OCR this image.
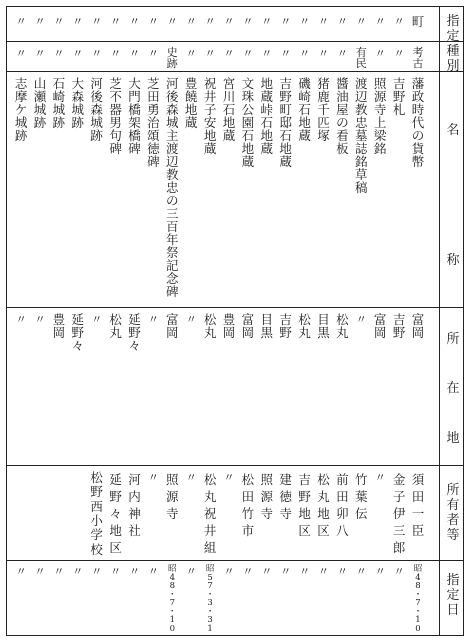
指
定
種
別
名
称
所
在
地
所
有
者
等
指
定
日
町
考
古
藩
政
時
代
の
貨
幣
富
岡
須
田
一
臣
昭
4
8
・
7
・
1
0
〃
〃
吉
野
札
吉
野
金
子
伊
三
郎
〃
〃
〃
照
源
寺
上
梁
銘
富
岡
〃
〃
〃
有
民
渡
辺
教
忠
墓
誌
銘
草
稿
〃
竹
葉
伝
〃
〃
〃
醬
油
屋
の
看
板
松
丸
前
田
卯
八
〃
〃
〃
猪
鹿
千
匹
塚
目
黒
松
丸
地
区
〃
〃
〃
磯
崎
石
地
蔵
松
丸
吉
野
地
区
〃
〃
〃
吉
野
町
邸
石
地
蔵
吉
野
建
徳
寺
〃
〃
〃
地
蔵
峠
石
地
蔵
目
黒
照
源
寺
〃
〃
〃
文
珠
公
園
石
地
蔵
富
岡
松
田
竹
市
〃
〃
〃
宮
川
石
地
蔵
豊
岡
〃
〃
〃
〃
祝
井
子
安
地
蔵
松
丸
松
丸
祝
井
組
昭
5
7
・
3
・
3
1
〃
〃
豊
饒
地
蔵
〃
〃
〃
〃
史
跡
河
後
森
城
主
渡
辺
教
忠
の
三
百
年
祭
記
念
碑
富
岡
照
源
寺
昭
4
8
・
7
・
1
0
〃
〃
芝
田
勇
治
頌
徳
碑
〃
〃
〃
〃
〃
大
門
橋
架
橋
碑
延
野
々
河
内
神
社
〃
〃
〃
芝
不
器
男
句
碑
松
丸
延
野
々
地
区
〃
〃
〃
河
後
森
城
跡
〃
松
野
西
小
学
校
〃
〃
〃
大
森
城
跡
延
野
々
〃
〃
〃
石
崎
城
跡
豊
岡
〃
〃
〃
山
瀬
城
跡
〃
〃
〃
〃
志
摩
ケ
城
跡
〃
〃
